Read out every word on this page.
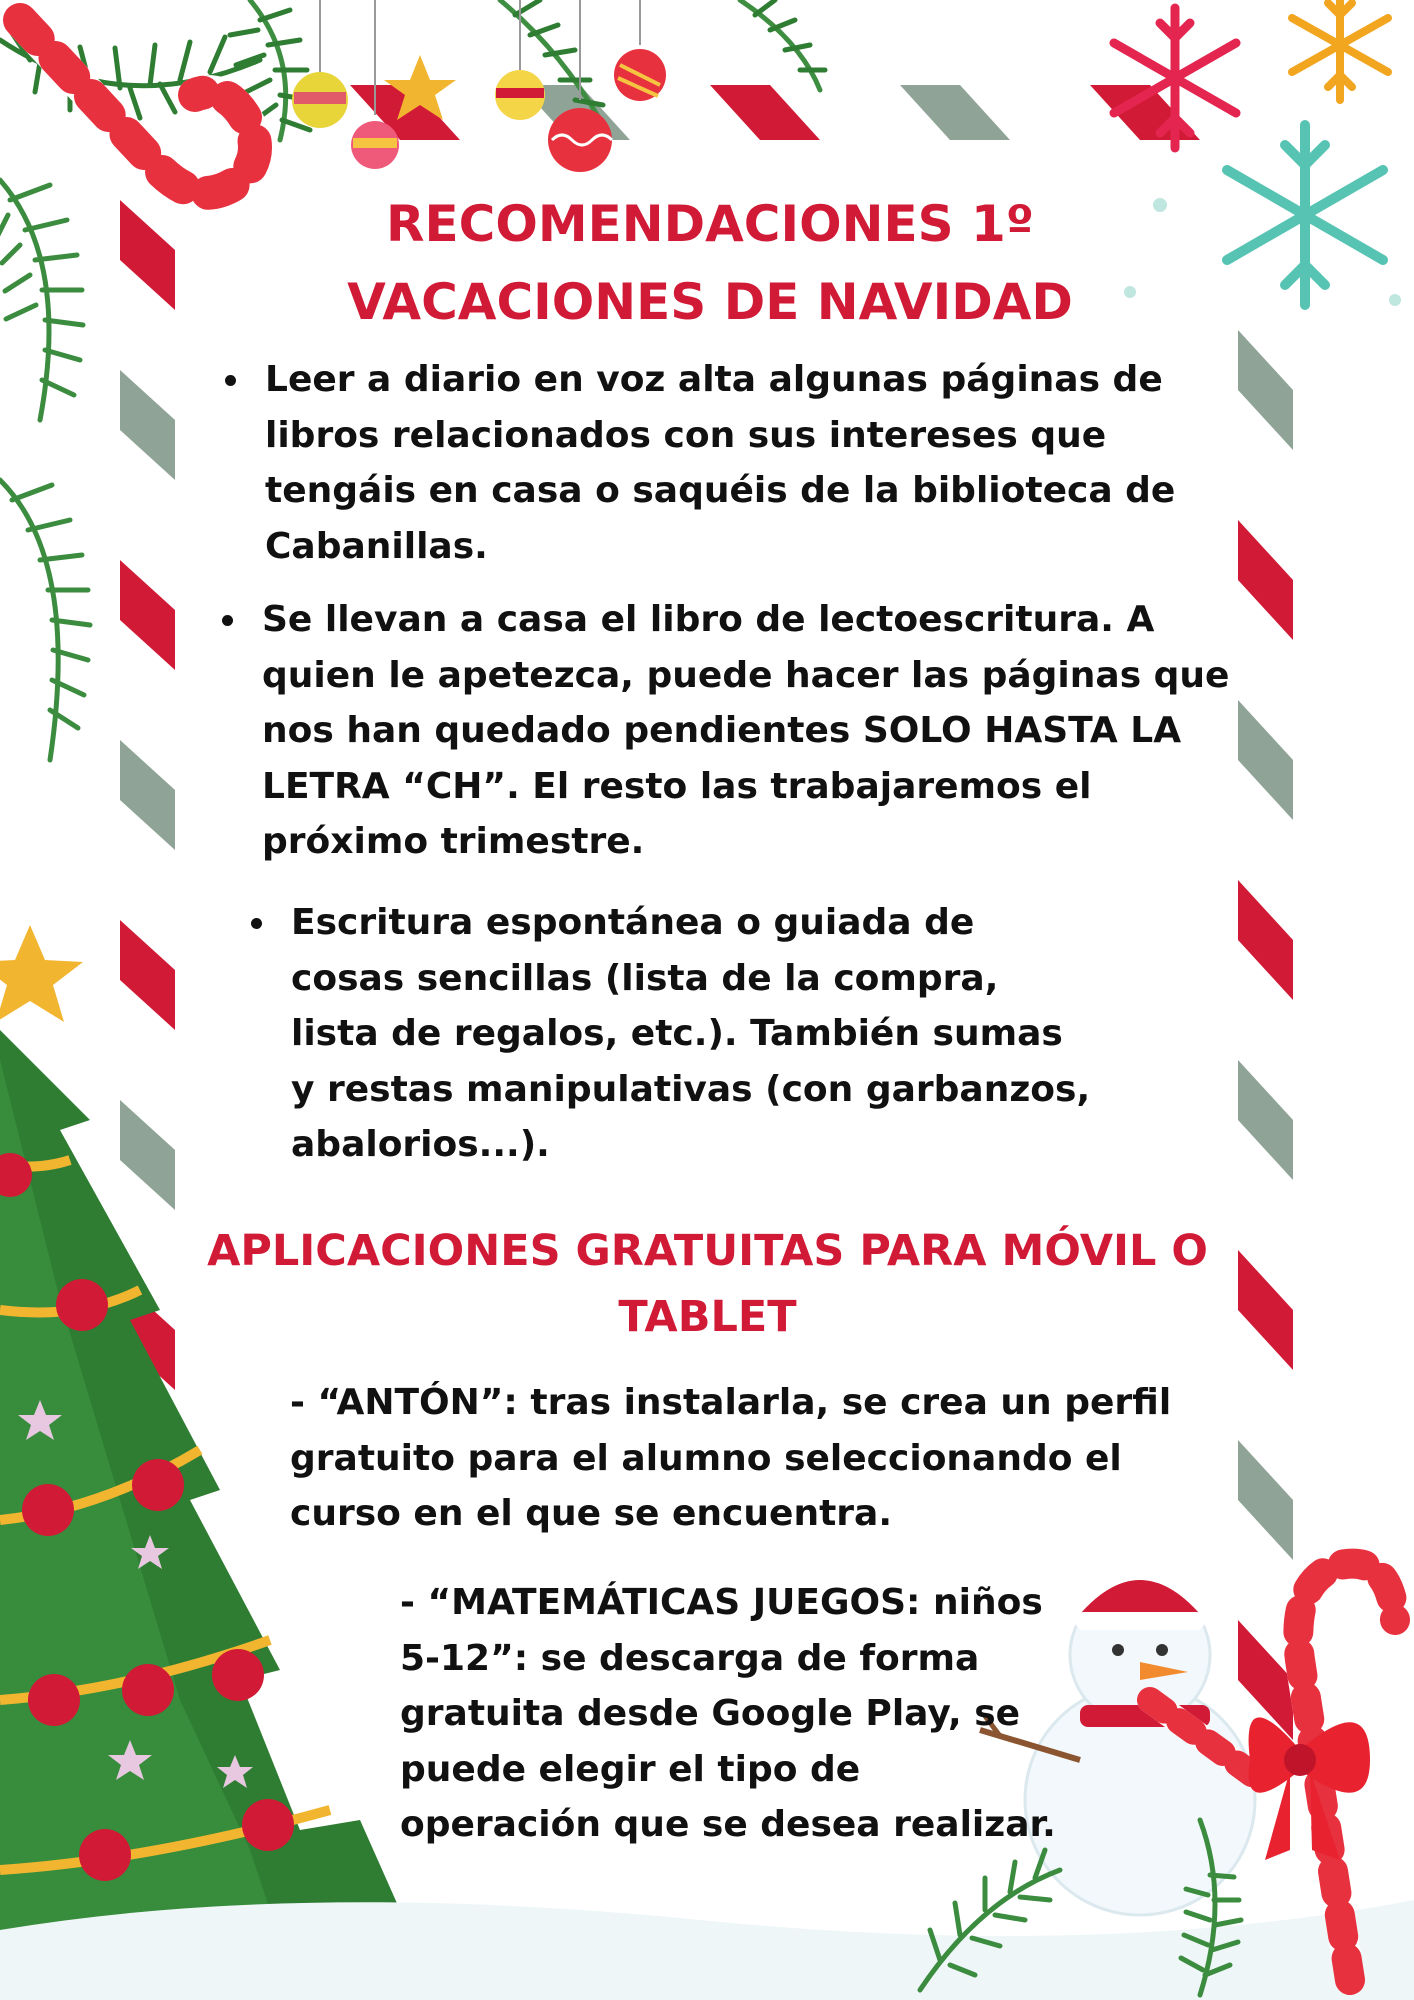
RECOMENDACIONES 1º
VACACIONES DE NAVIDAD
Leer a diario en voz alta algunas páginas de
libros relacionados con sus intereses que
tengáis en casa o saquéis de la biblioteca de
Cabanillas.
Se llevan a casa el libro de lectoescritura. A
quien le apetezca, puede hacer las páginas que
nos han quedado pendientes SOLO HASTA LA
LETRA “CH”. El resto las trabajaremos el
próximo trimestre.
Escritura espontánea o guiada de
cosas sencillas (lista de la compra,
lista de regalos, etc.). También sumas
y restas manipulativas (con garbanzos,
abalorios...).
APLICACIONES GRATUITAS PARA MÓVIL O
TABLET
- “ANTÓN”: tras instalarla, se crea un perfil
gratuito para el alumno seleccionando el
curso en el que se encuentra.
- “MATEMÁTICAS JUEGOS: niños
5-12”: se descarga de forma
gratuita desde Google Play, se
puede elegir el tipo de
operación que se desea realizar.
